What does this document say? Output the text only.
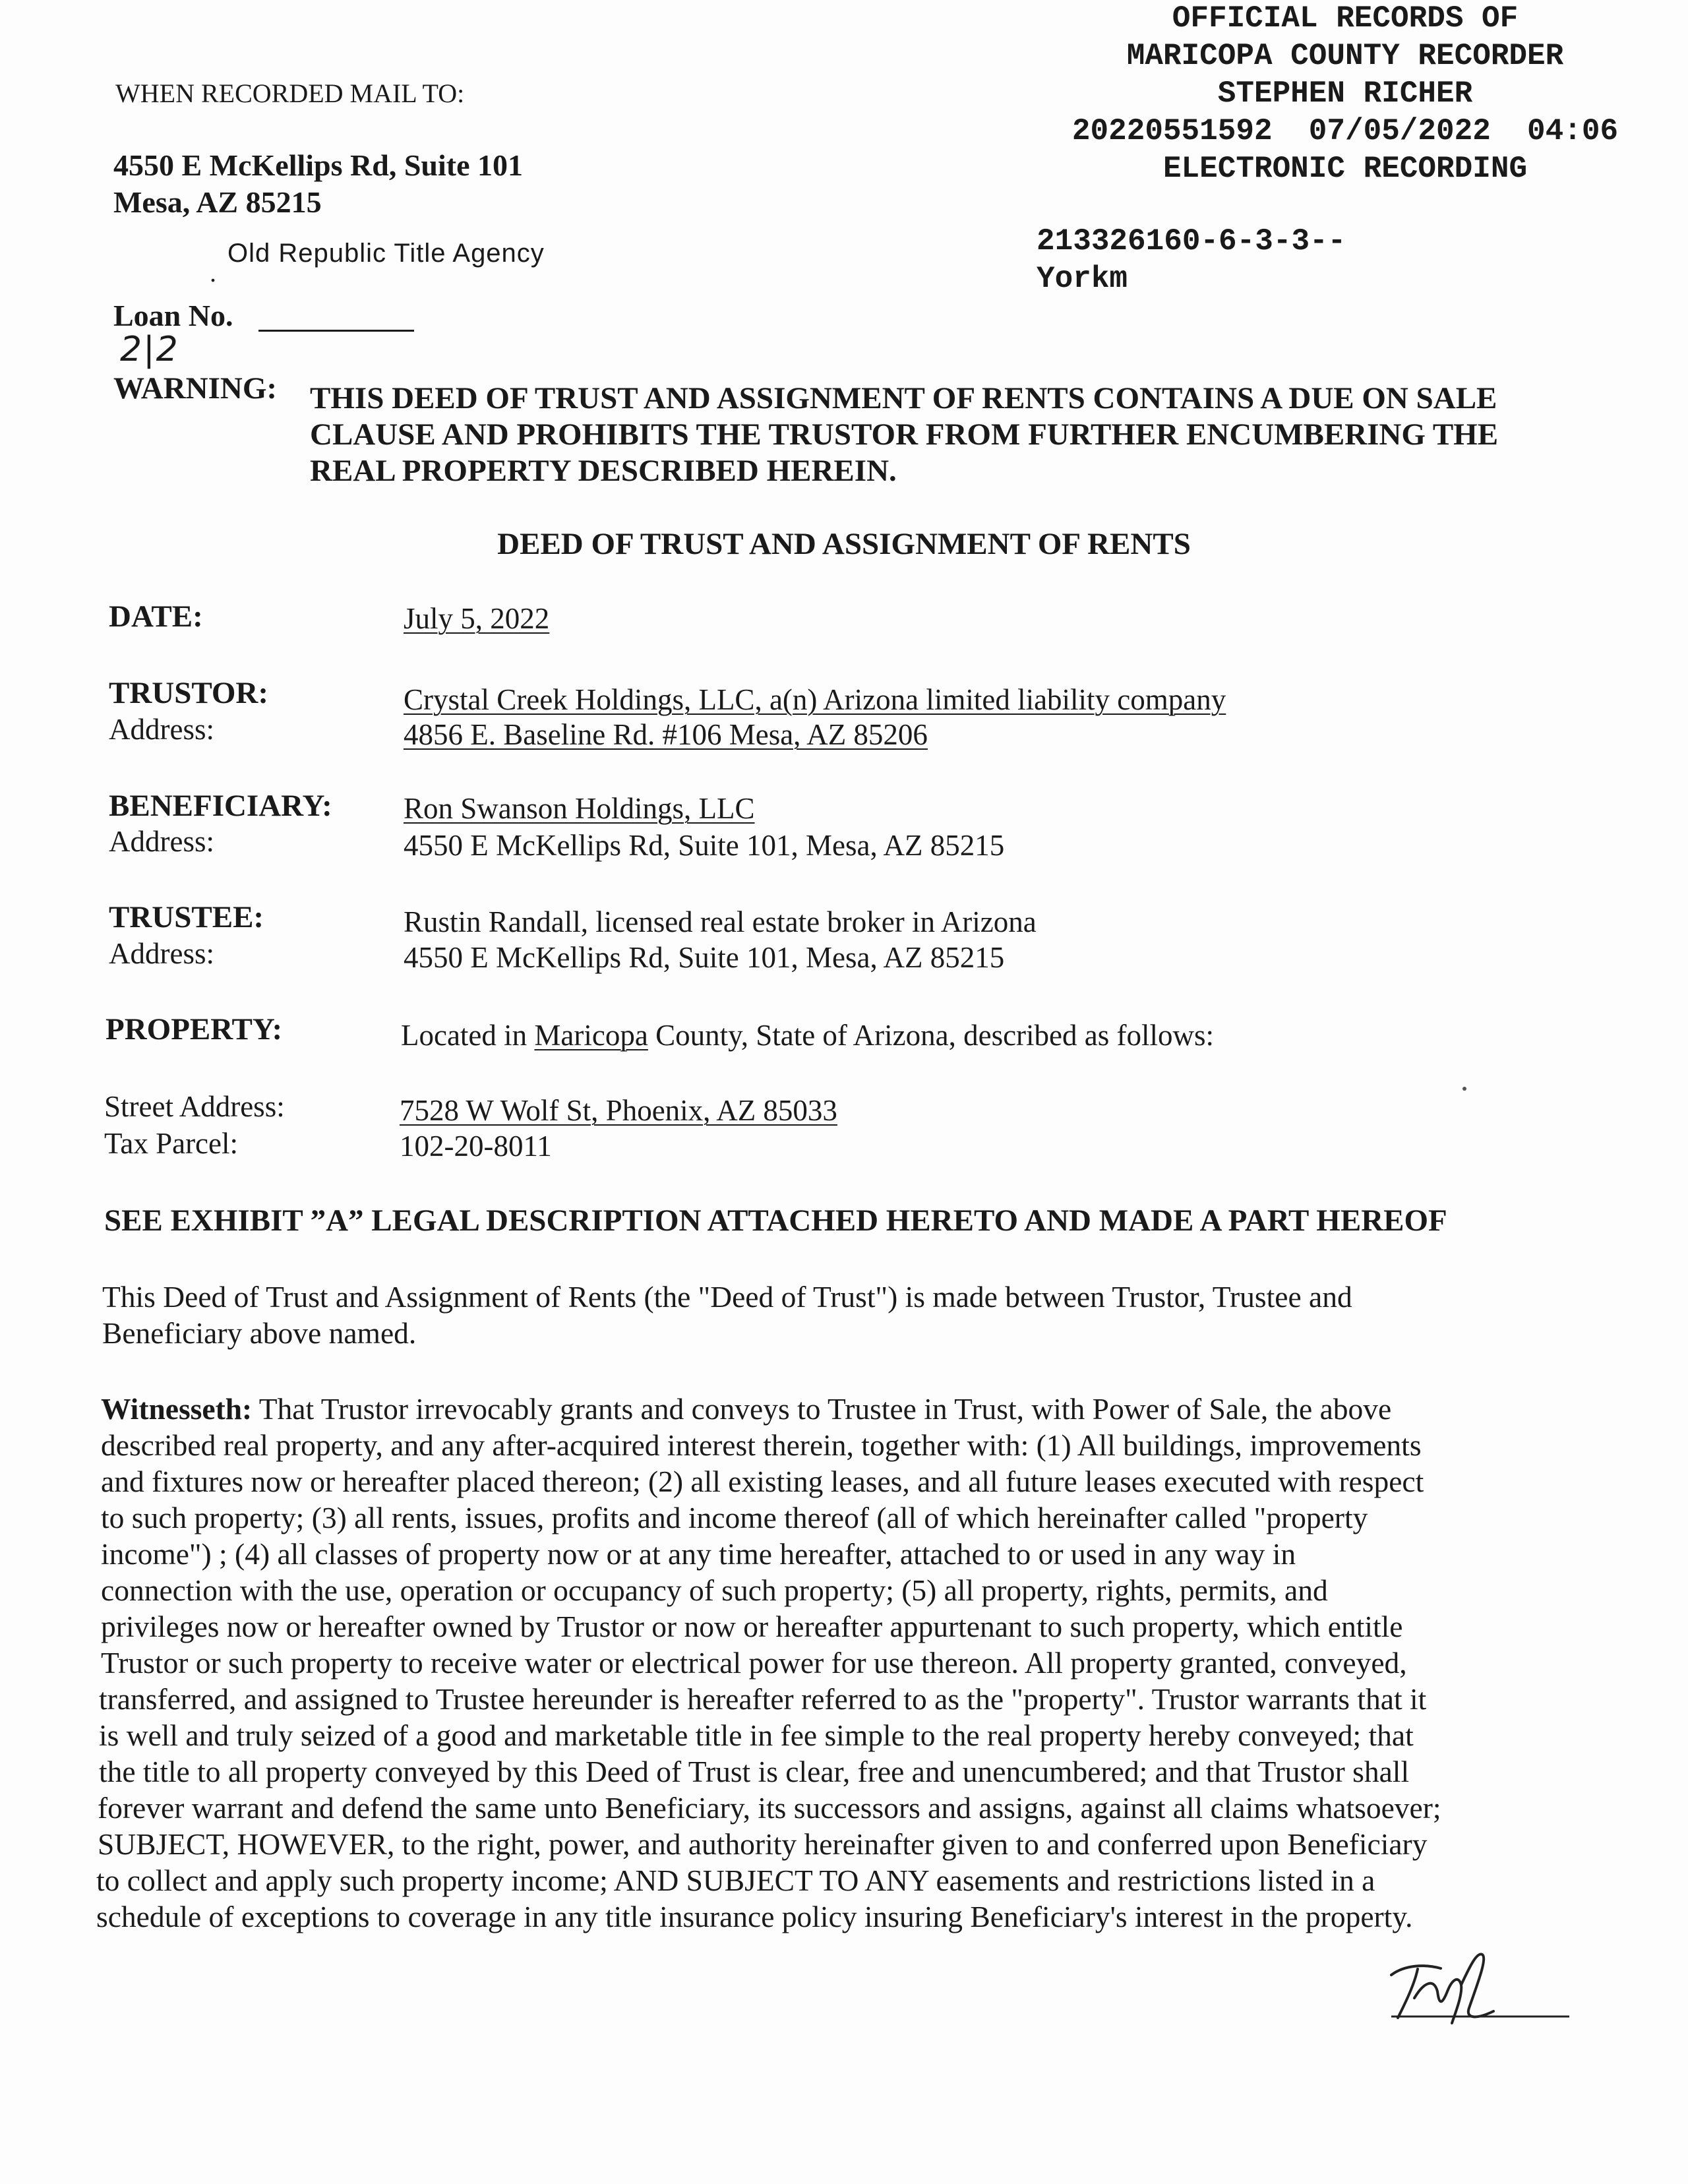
WHEN RECORDED MAIL TO:
4550 E McKellips Rd, Suite 101
Mesa, AZ 85215
Old Republic Title Agency
.
Loan No.
2|2
OFFICIAL RECORDS OF
MARICOPA COUNTY RECORDER
STEPHEN RICHER
20220551592 07/05/2022 04:06
ELECTRONIC RECORDING
213326160-6-3-3--
Yorkm
WARNING: THIS DEED OF TRUST AND ASSIGNMENT OF RENTS CONTAINS A DUE ON SALE
CLAUSE AND PROHIBITS THE TRUSTOR FROM FURTHER ENCUMBERING THE
REAL PROPERTY DESCRIBED HEREIN.
DEED OF TRUST AND ASSIGNMENT OF RENTS
DATE:	July 5, 2022
TRUSTOR:	Crystal Creek Holdings, LLC, a(n) Arizona limited liability company
Address:	4856 E. Baseline Rd. #106 Mesa, AZ 85206
BENEFICIARY: Ron Swanson Holdings, LLC
Address:	4550 E McKellips Rd, Suite 101, Mesa, AZ 85215
TRUSTEE:	Rustin Randall, licensed real estate broker in Arizona
Address:	4550 E McKellips Rd, Suite 101, Mesa, AZ 85215
PROPERTY:	Located in Maricopa County, State of Arizona, described as follows:
Street Address:	7528 W Wolf St, Phoenix, AZ 85033
Tax Parcel:	102-20-8011
SEE EXHIBIT ”A” LEGAL DESCRIPTION ATTACHED HERETO AND MADE A PART HEREOF
This Deed of Trust and Assignment of Rents (the "Deed of Trust") is made between Trustor, Trustee and
Beneficiary above named.
Witnesseth: That Trustor irrevocably grants and conveys to Trustee in Trust, with Power of Sale, the above
described real property, and any after-acquired interest therein, together with: (1) All buildings, improvements
and fixtures now or hereafter placed thereon; (2) all existing leases, and all future leases executed with respect
to such property; (3) all rents, issues, profits and income thereof (all of which hereinafter called "property
income") ; (4) all classes of property now or at any time hereafter, attached to or used in any way in
connection with the use, operation or occupancy of such property; (5) all property, rights, permits, and
privileges now or hereafter owned by Trustor or now or hereafter appurtenant to such property, which entitle
Trustor or such property to receive water or electrical power for use thereon. All property granted, conveyed,
transferred, and assigned to Trustee hereunder is hereafter referred to as the "property". Trustor warrants that it
is well and truly seized of a good and marketable title in fee simple to the real property hereby conveyed; that
the title to all property conveyed by this Deed of Trust is clear, free and unencumbered; and that Trustor shall
forever warrant and defend the same unto Beneficiary, its successors and assigns, against all claims whatsoever;
SUBJECT, HOWEVER, to the right, power, and authority hereinafter given to and conferred upon Beneficiary
to collect and apply such property income; AND SUBJECT TO ANY easements and restrictions listed in a
schedule of exceptions to coverage in any title insurance policy insuring Beneficiary's interest in the property.
